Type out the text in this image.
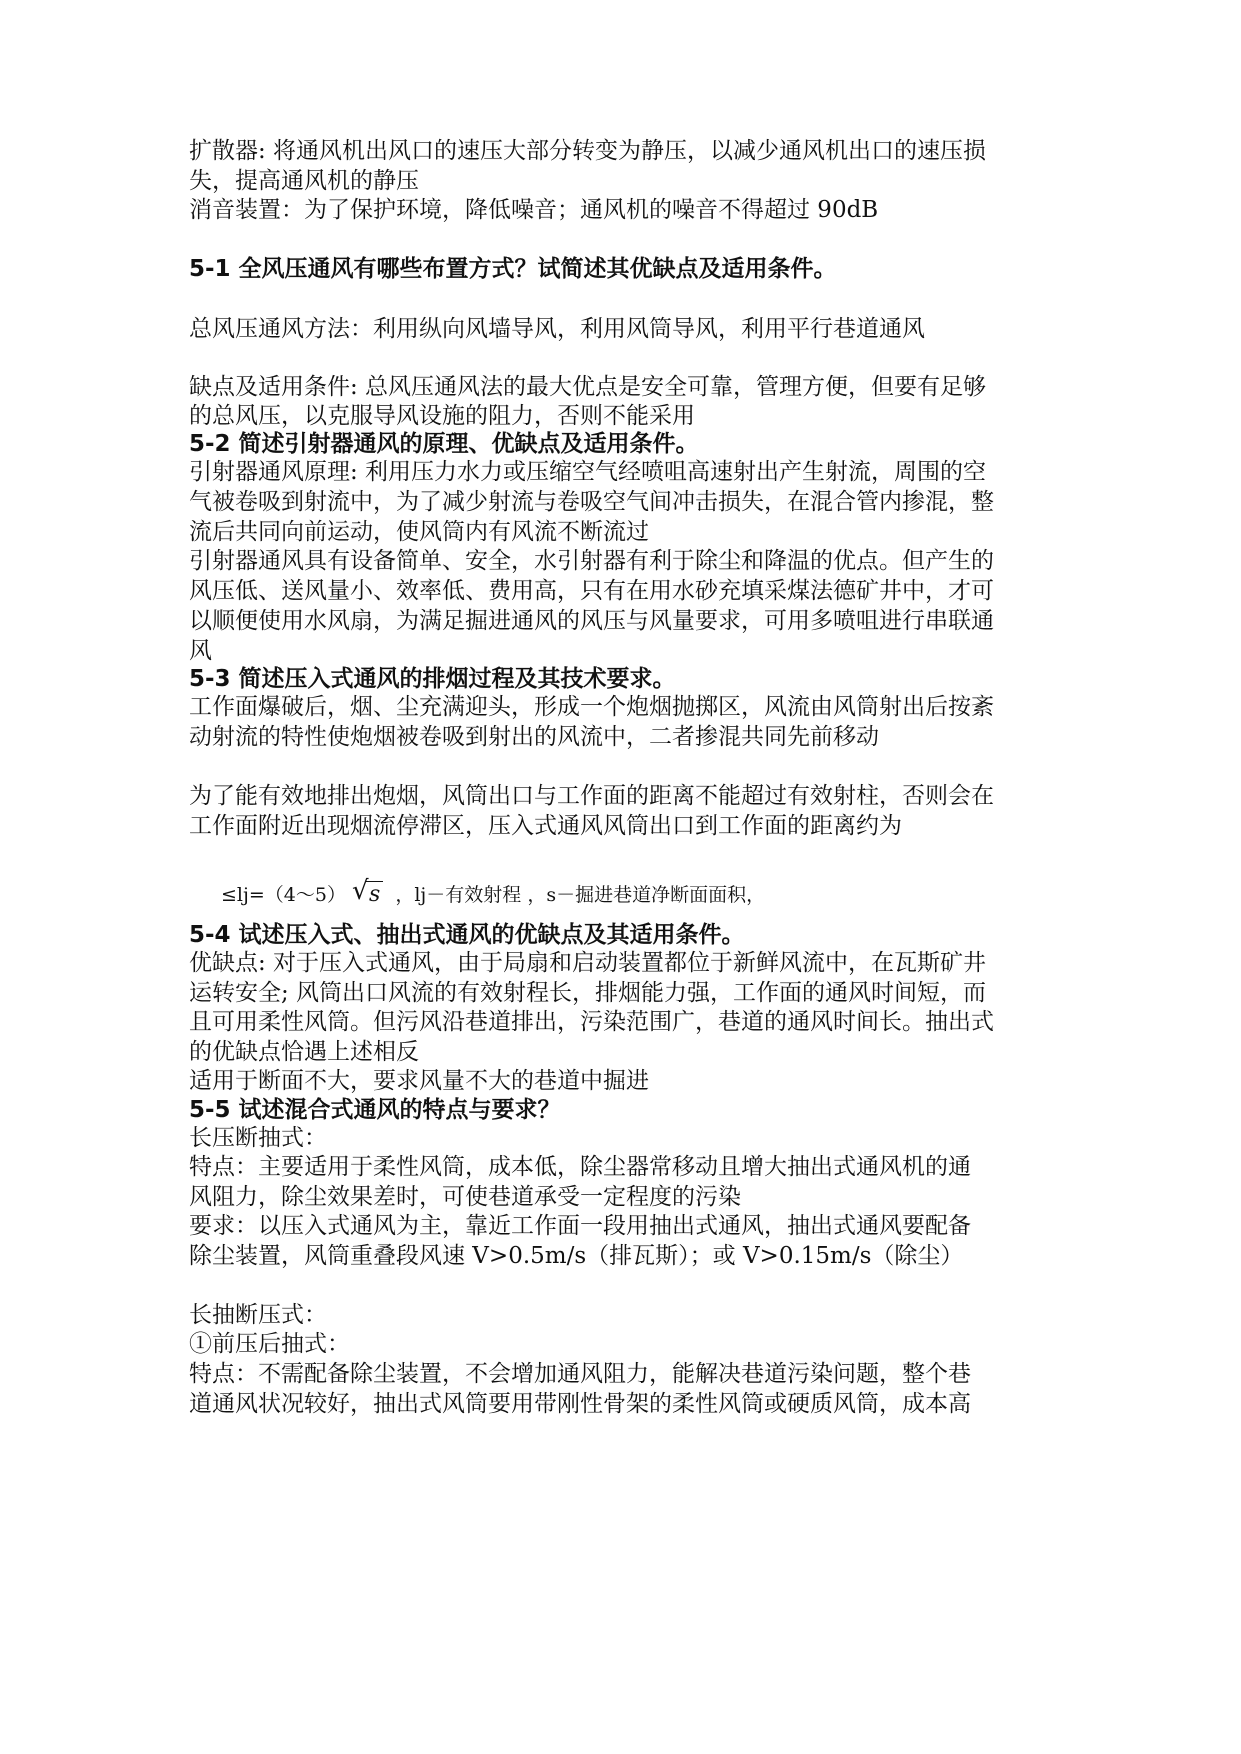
扩散器: 将通风机出风口的速压大部分转变为静压，以减少通风机出口的速压损
失，提高通风机的静压
消音装置：为了保护环境，降低噪音；通风机的噪音不得超过 90dB
5-1 全风压通风有哪些布置方式？试简述其优缺点及适用条件。
总风压通风方法：利用纵向风墙导风，利用风筒导风，利用平行巷道通风
缺点及适用条件: 总风压通风法的最大优点是安全可靠，管理方便，但要有足够
的总风压，以克服导风设施的阻力，否则不能采用
5-2 简述引射器通风的原理、优缺点及适用条件。
引射器通风原理: 利用压力水力或压缩空气经喷咀高速射出产生射流，周围的空
气被卷吸到射流中，为了减少射流与卷吸空气间冲击损失，在混合管内掺混，整
流后共同向前运动，使风筒内有风流不断流过
引射器通风具有设备简单、安全，水引射器有利于除尘和降温的优点。但产生的
风压低、送风量小、效率低、费用高，只有在用水砂充填采煤法德矿井中，才可
以顺便使用水风扇，为满足掘进通风的风压与风量要求，可用多喷咀进行串联通
风
5-3 简述压入式通风的排烟过程及其技术要求。
工作面爆破后，烟、尘充满迎头，形成一个炮烟抛掷区，风流由风筒射出后按紊
动射流的特性使炮烟被卷吸到射出的风流中，二者掺混共同先前移动
为了能有效地排出炮烟，风筒出口与工作面的距离不能超过有效射柱，否则会在
工作面附近出现烟流停滞区，压入式通风风筒出口到工作面的距离约为
≤lj=（4～5） √ s ，lj－有效射程 ，s－掘进巷道净断面面积，
5-4 试述压入式、抽出式通风的优缺点及其适用条件。
优缺点: 对于压入式通风，由于局扇和启动装置都位于新鲜风流中，在瓦斯矿井
运转安全; 风筒出口风流的有效射程长，排烟能力强，工作面的通风时间短，而
且可用柔性风筒。但污风沿巷道排出，污染范围广，巷道的通风时间长。抽出式
的优缺点恰遇上述相反
适用于断面不大，要求风量不大的巷道中掘进
5-5 试述混合式通风的特点与要求？
长压断抽式：
特点：主要适用于柔性风筒，成本低，除尘器常移动且增大抽出式通风机的通
风阻力，除尘效果差时，可使巷道承受一定程度的污染
要求：以压入式通风为主，靠近工作面一段用抽出式通风，抽出式通风要配备
除尘装置，风筒重叠段风速 V>0.5m/s（排瓦斯）；或 V>0.15m/s（除尘）
长抽断压式：
①前压后抽式：
特点：不需配备除尘装置，不会增加通风阻力，能解决巷道污染问题，整个巷
道通风状况较好，抽出式风筒要用带刚性骨架的柔性风筒或硬质风筒，成本高
